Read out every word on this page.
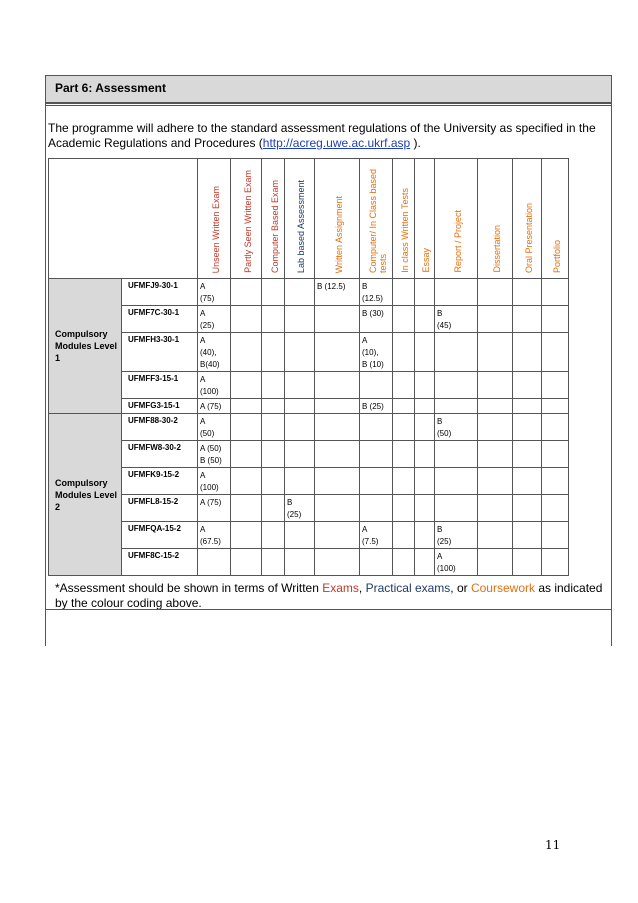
Part 6: Assessment
The programme will adhere to the standard assessment regulations of the University as specified in the Academic Regulations and Procedures (http://acreg.uwe.ac.ukrf.asp ).
		Unseen Written Exam	Partly Seen Written Exam	Computer Based Exam	Lab based Assessment	Written Assignment	Computer/ In Class based tests	In class Written Tests	Essay	Report / Project	Dissertation	Oral Presentation	Portfolio
Compulsory Modules Level 1	UFMFJ9-30-1	A
(75)				B (12.5)	B
(12.5)						
	UFMF7C-30-1	A
(25)					B (30)			B
(45)			
	UFMFH3-30-1	A
(40),
B(40)					A
(10),
B (10)						
	UFMFF3-15-1	A
(100)											
	UFMFG3-15-1	A (75)					B (25)						
Compulsory Modules Level 2	UFMF88-30-2	A
(50)								B
(50)			
	UFMFW8-30-2	A (50)
B (50)											
	UFMFK9-15-2	A
(100)											
	UFMFL8-15-2	A (75)			B
(25)								
	UFMFQA-15-2	A
(67.5)					A
(7.5)			B
(25)			
	UFMF8C-15-2									A
(100)			
*Assessment should be shown in terms of Written Exams, Practical exams, or Coursework as indicated by the colour coding above.
11
